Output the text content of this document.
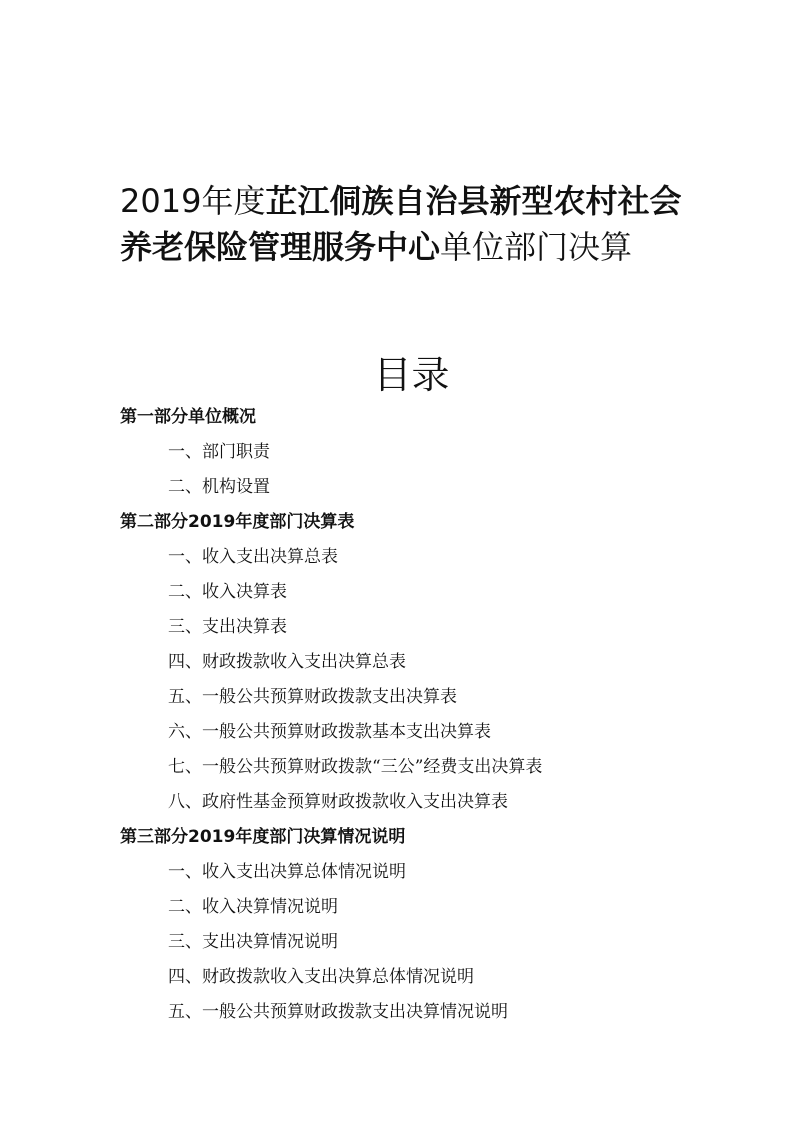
2019年度芷江侗族自治县新型农村社会
养老保险管理服务中心单位部门决算
目录
第一部分单位概况
一、部门职责
二、机构设置
第二部分2019年度部门决算表
一、收入支出决算总表
二、收入决算表
三、支出决算表
四、财政拨款收入支出决算总表
五、一般公共预算财政拨款支出决算表
六、一般公共预算财政拨款基本支出决算表
七、一般公共预算财政拨款“三公”经费支出决算表
八、政府性基金预算财政拨款收入支出决算表
第三部分2019年度部门决算情况说明
一、收入支出决算总体情况说明
二、收入决算情况说明
三、支出决算情况说明
四、财政拨款收入支出决算总体情况说明
五、一般公共预算财政拨款支出决算情况说明
